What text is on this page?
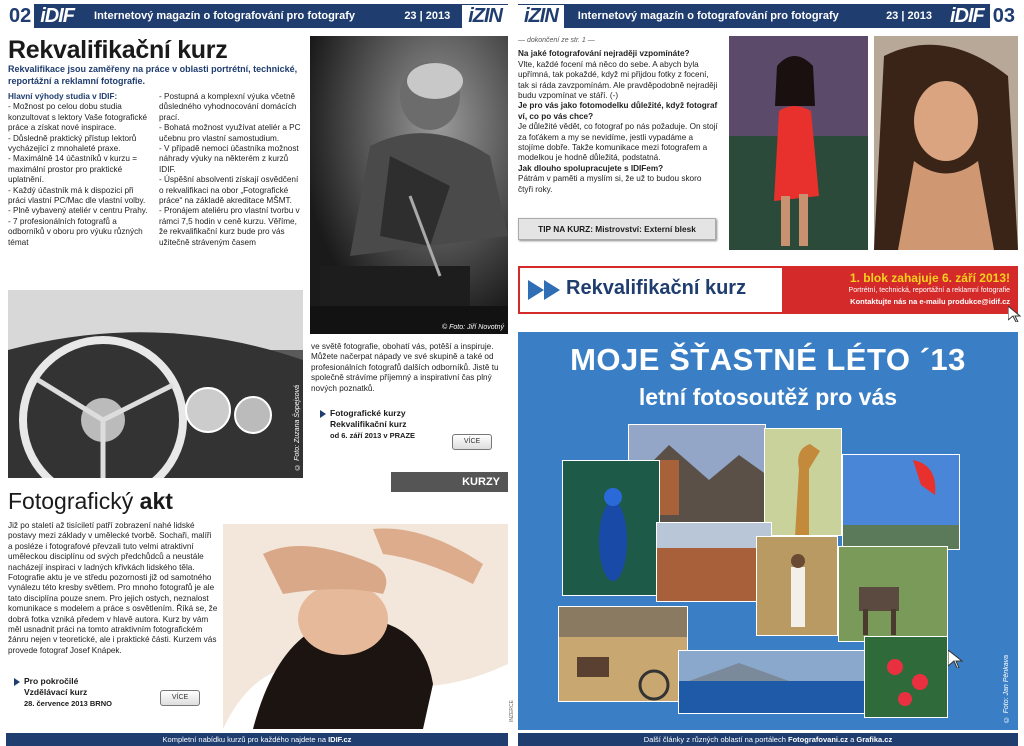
02 iDIF	Internetový magazín o fotografování pro fotografy	23 | 2013 iZIN	iZIN	Internetový magazín o fotografování pro fotografy	23 | 2013 iDIF 03
Rekvalifikační kurz
Rekvalifikace jsou zaměřeny na práce v oblasti portrétní, technické, reportážní a reklamní fotografie.

Hlavní výhody studia v IDIF:

- Možnost po celou dobu studia konzultovat s lektory Vaše fotografické práce a získat nové inspirace.

- Důsledně praktický přístup lektorů vycházející z mnohaleté praxe.

- Maximálně 14 účastníků v kurzu = maximální prostor pro praktické uplatnění.

- Každý účastník má k dispozici při práci vlastní PC/Mac dle vlastní volby.

- Plně vybavený ateliér v centru Prahy.

- 7 profesionálních fotografů a odborníků v oboru pro výuku různých témat

- Postupná a komplexní výuka včetně důsledného vyhodnocování domácích prací.

- Bohatá možnost využívat ateliér a PC učebnu pro vlastní samostudium.

- V případě nemoci účastníka možnost náhrady výuky na některém z kurzů IDIF.

- Úspěšní absolventi získají osvědčení o rekvalifikaci na obor „Fotografické práce“ na základě akreditace MŠMT.

- Pronájem ateliéru pro vlastní tvorbu v rámci 7,5 hodin v ceně kurzu. Věříme, že rekvalifikační kurz bude pro vás užitečně stráveným časem

© Foto: Jiří Novotný
© Foto: Zuzana Šopejsová
ve světě fotografie, obohatí vás, potěší a inspiruje. Můžete načerpat nápady ve své skupině a také od profesionálních fotografů dalších odborníků. Jistě tu společně strávíme příjemný a inspirativní čas plný nových poznatků.
Fotografické kurzy
Rekvalifikační kurz
od 6. září 2013 v PRAZE
VÍCE
KURZY
Fotografický akt
Již po staletí až tisíciletí patří zobrazení nahé lidské postavy mezi základy v umělecké tvorbě. Sochaři, malíři a posléze i fotografové převzali tuto velmi atraktivní uměleckou disciplínu od svých předchůdců a neustále nacházejí inspiraci v ladných křivkách lidského těla. Fotografie aktu je ve středu pozornosti již od samotného vynálezu této kresby světlem. Pro mnoho fotografů je ale tato disciplína pouze snem. Pro jejich ostych, neznalost komunikace s modelem a práce s osvětlením. Říká se, že dobrá fotka vzniká předem v hlavě autora. Kurz by vám měl usnadnit práci na tomto atraktivním fotografickém žánru nejen v teoretické, ale i praktické části. Kurzem vás provede fotograf Josef Knápek.
Pro pokročilé
Vzdělávací kurz
28. července 2013 BRNO
VÍCE
© Foto: Josef Knápek INZERCE

— dokončení ze str. 1 —

Na jaké fotografování nejraději vzpomínáte?

Vlte, každé focení má něco do sebe. A abych byla upřímná, tak pokaždé, když mi přijdou fotky z focení, tak si ráda zavzpomínám. Ale pravděpodobně nejraději budu vzpomínat ve stáří. (-)

Je pro vás jako fotomodelku důležité, když fotograf ví, co po vás chce?

Je důležité vědět, co fotograf po nás požaduje. On stojí za foťákem a my se nevidíme, jestli vypadáme a stojíme dobře. Takže komunikace mezi fotografem a modelkou je hodně důležitá, podstatná.

Jak dlouho spolupracujete s IDIFem?

Pátrám v paměti a myslím si, že už to budou skoro čtyři roky.

TIP NA KURZ: Mistrovství: Externí blesk
Rekvalifikační kurz	1. blok zahajuje 6. září 2013!
Portrétní, technická, reportážní a reklamní fotografie
Kontaktujte nás na e-mailu produkce@idif.cz
MOJE ŠŤASTNÉ LÉTO ´13
letní fotosoutěž pro vás
© Foto: Jan Pěnkava
Kompletní nabídku kurzů pro každého najdete na IDIF.cz	Další články z různých oblastí na portálech Fotografovani.cz a Grafika.cz
